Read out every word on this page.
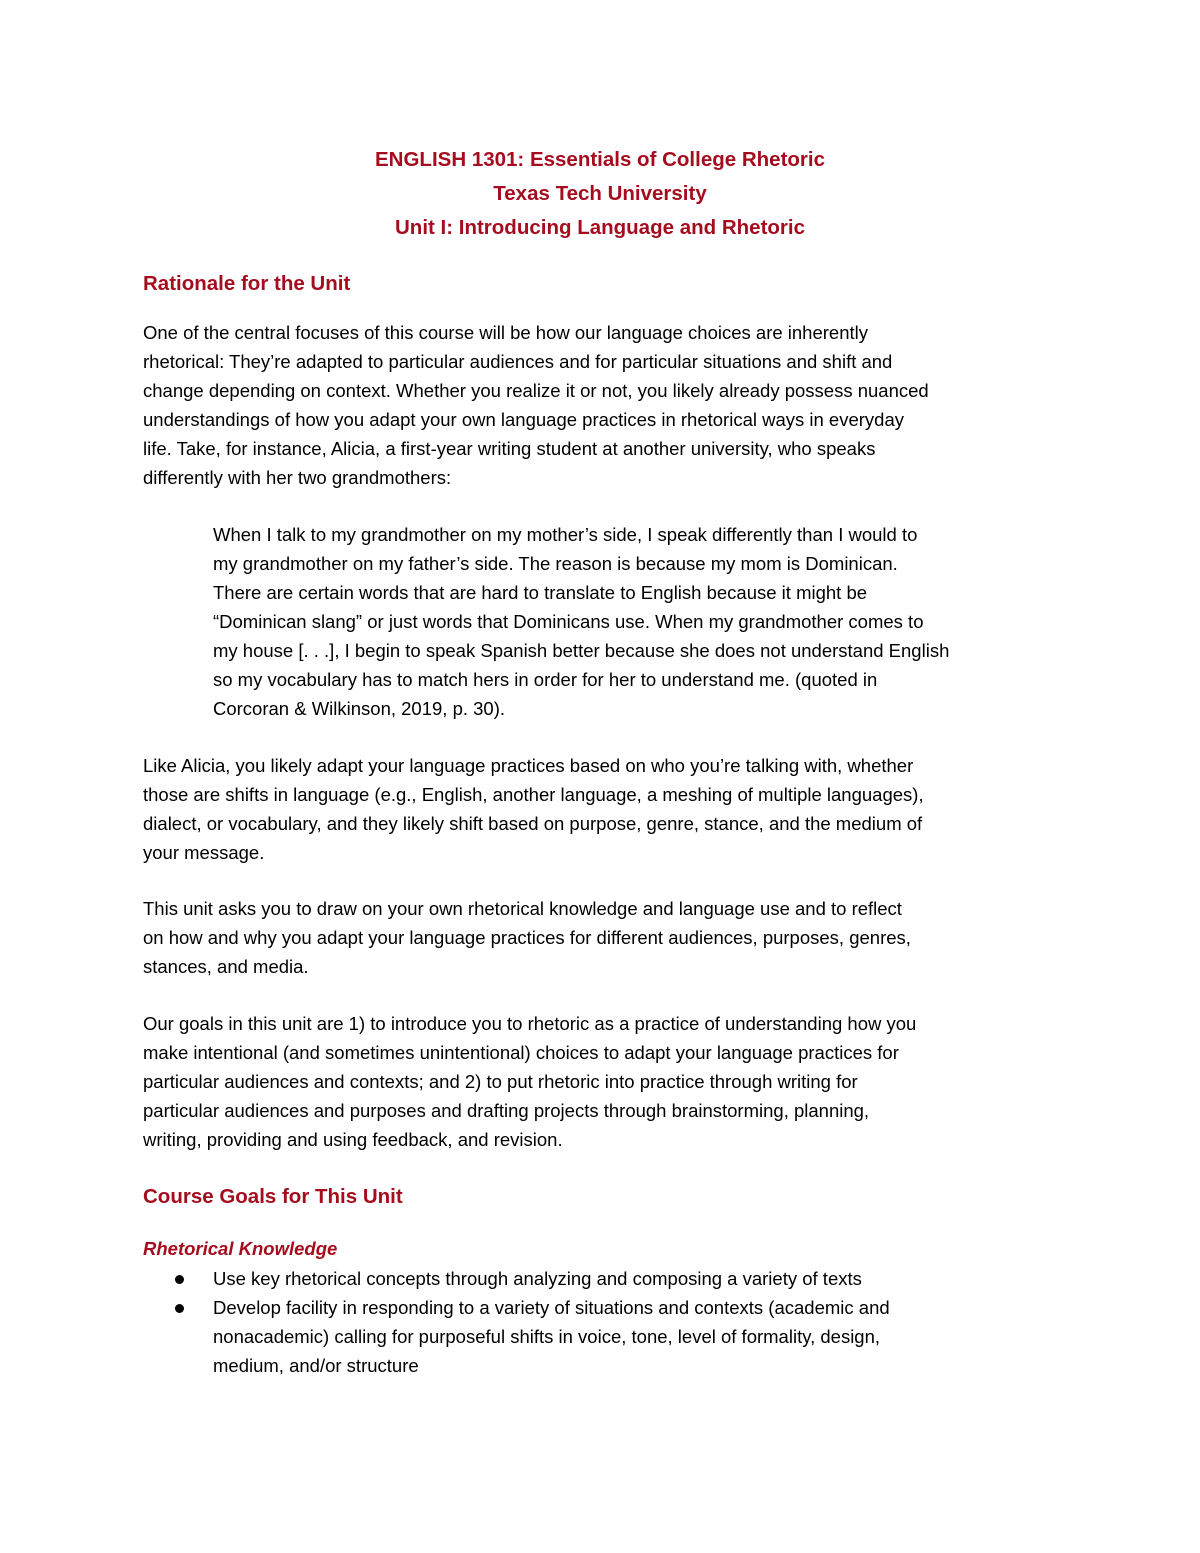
ENGLISH 1301: Essentials of College Rhetoric
Texas Tech University
Unit I: Introducing Language and Rhetoric
Rationale for the Unit
One of the central focuses of this course will be how our language choices are inherently
rhetorical: They’re adapted to particular audiences and for particular situations and shift and
change depending on context. Whether you realize it or not, you likely already possess nuanced
understandings of how you adapt your own language practices in rhetorical ways in everyday
life. Take, for instance, Alicia, a first-year writing student at another university, who speaks
differently with her two grandmothers:
When I talk to my grandmother on my mother’s side, I speak differently than I would to
my grandmother on my father’s side. The reason is because my mom is Dominican.
There are certain words that are hard to translate to English because it might be
“Dominican slang” or just words that Dominicans use. When my grandmother comes to
my house [. . .], I begin to speak Spanish better because she does not understand English
so my vocabulary has to match hers in order for her to understand me. (quoted in
Corcoran & Wilkinson, 2019, p. 30).
Like Alicia, you likely adapt your language practices based on who you’re talking with, whether
those are shifts in language (e.g., English, another language, a meshing of multiple languages),
dialect, or vocabulary, and they likely shift based on purpose, genre, stance, and the medium of
your message.
This unit asks you to draw on your own rhetorical knowledge and language use and to reflect
on how and why you adapt your language practices for different audiences, purposes, genres,
stances, and media.
Our goals in this unit are 1) to introduce you to rhetoric as a practice of understanding how you
make intentional (and sometimes unintentional) choices to adapt your language practices for
particular audiences and contexts; and 2) to put rhetoric into practice through writing for
particular audiences and purposes and drafting projects through brainstorming, planning,
writing, providing and using feedback, and revision.
Course Goals for This Unit
Rhetorical Knowledge
Use key rhetorical concepts through analyzing and composing a variety of texts
Develop facility in responding to a variety of situations and contexts (academic and
nonacademic) calling for purposeful shifts in voice, tone, level of formality, design,
medium, and/or structure
